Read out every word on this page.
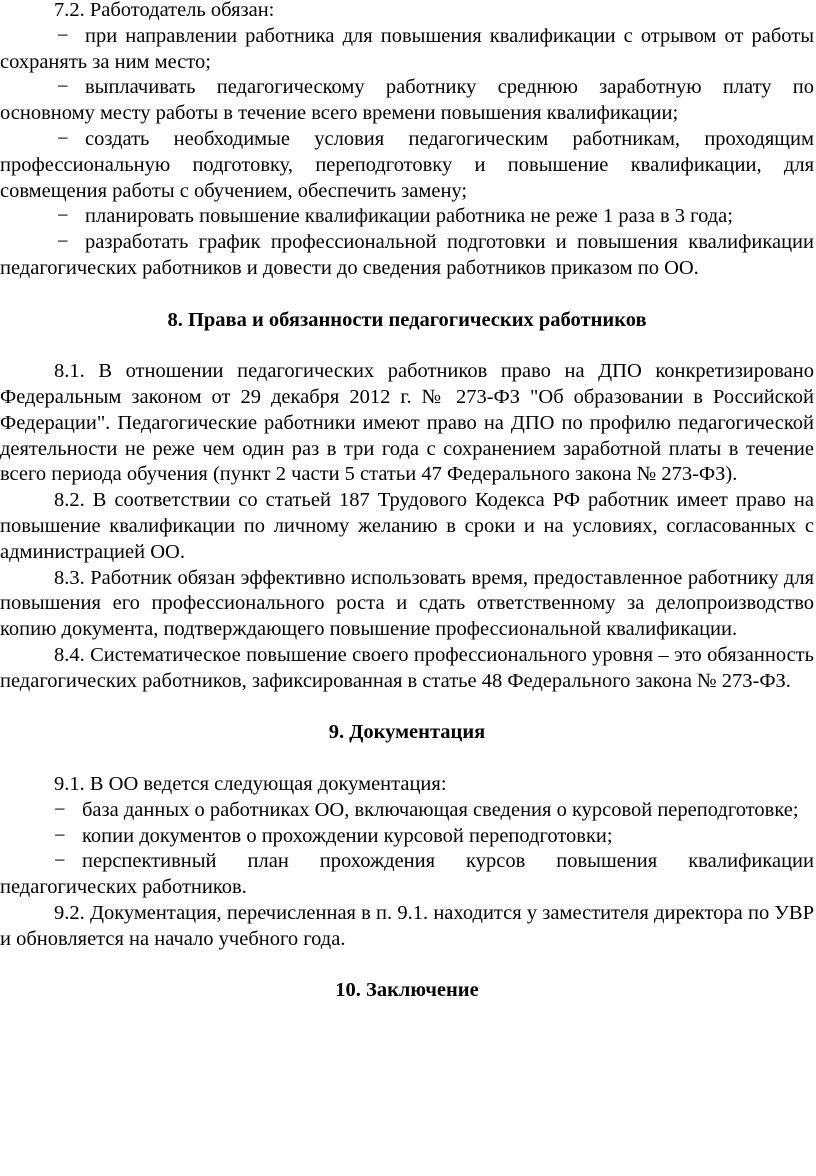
7.2. Работодатель обязан:

− при направлении работника для повышения квалификации с отрывом от работы сохранять за ним место;

− выплачивать педагогическому работнику среднюю заработную плату по основному месту работы в течение всего времени повышения квалификации;

− создать необходимые условия педагогическим работникам, проходящим профессиональную подготовку, переподготовку и повышение квалификации, для совмещения работы с обучением, обеспечить замену;

− планировать повышение квалификации работника не реже 1 раза в 3 года;

− разработать график профессиональной подготовки и повышения квалификации педагогических работников и довести до сведения работников приказом по ОО.

8. Права и обязанности педагогических работников

8.1. В отношении педагогических работников право на ДПО конкретизировано Федеральным законом от 29 декабря 2012 г. № 273-ФЗ "Об образовании в Российской Федерации". Педагогические работники имеют право на ДПО по профилю педагогической деятельности не реже чем один раз в три года с сохранением заработной платы в течение всего периода обучения (пункт 2 части 5 статьи 47 Федерального закона № 273-ФЗ).

8.2. В соответствии со статьей 187 Трудового Кодекса РФ работник имеет право на повышение квалификации по личному желанию в сроки и на условиях, согласованных с администрацией ОО.

8.3. Работник обязан эффективно использовать время, предоставленное работнику для повышения его профессионального роста и сдать ответственному за делопроизводство копию документа, подтверждающего повышение профессиональной квалификации.

8.4. Систематическое повышение своего профессионального уровня – это обязанность педагогических работников, зафиксированная в статье 48 Федерального закона № 273-ФЗ.

9. Документация

9.1. В ОО ведется следующая документация:

− база данных о работниках ОО, включающая сведения о курсовой переподготовке;

− копии документов о прохождении курсовой переподготовки;

− перспективный план прохождения курсов повышения квалификации педагогических работников.

9.2. Документация, перечисленная в п. 9.1. находится у заместителя директора по УВР и обновляется на начало учебного года.

10. Заключение
